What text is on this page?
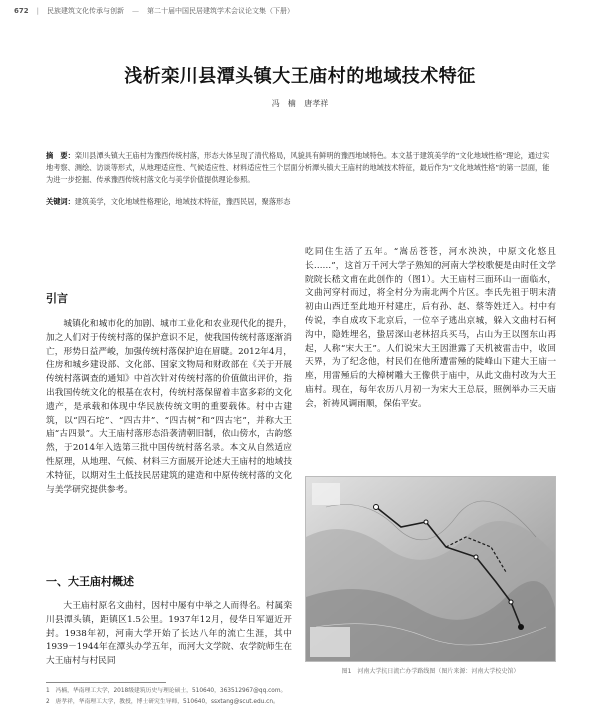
672 | 民族建筑文化传承与创新 — 第二十届中国民居建筑学术会议论文集（下册）
浅析栾川县潭头镇大王庙村的地域技术特征
冯　楠 唐孝祥
摘　要：栾川县潭头镇大王庙村为豫西传统村落，形态大体呈现了清代格局，风貌具有鲜明的豫西地域特色。本文基于建筑美学的“文化地域性格”理论，通过实地考察、测绘、访谈等形式，从地理适应性、气候适应性、材料适应性三个层面分析潭头镇大王庙村的地域技术特征，最后作为“文化地域性格”的第一层面，能为进一步挖掘、传承豫西传统村落文化与美学价值提供理论参照。
关键词：建筑美学，文化地域性格理论，地域技术特征，豫西民居，聚落形态
引言

城镇化和城市化的加剧、城市工业化和农业现代化的提升，加之人们对于传统村落的保护意识不足，使我国传统村落逐渐消亡，形势日益严峻，加强传统村落保护迫在眉睫。2012年4月，住房和城乡建设部、文化部、国家文物局和财政部在《关于开展传统村落调查的通知》中首次针对传统村落的价值做出评价，指出我国传统文化的根基在农村，传统村落保留着丰富多彩的文化遗产，是承载和体现中华民族传统文明的重要载体。村中古建筑，以“四石坨”、“四古井”、“四古树”和“四古宅”，并称大王庙“古四景”。大王庙村落形态沿袭清朝旧制，依山傍水，古韵悠然，于2014年入选第三批中国传统村落名录。本文从自然适应性原理，从地理、气候、材料三方面展开论述大王庙村的地域技术特征，以期对生土低技民居建筑的建造和中原传统村落的文化与美学研究提供参考。

一、大王庙村概述

大王庙村原名文曲村，因村中屡有中举之人而得名。村属栾川县潭头镇，距镇区1.5公里。1937年12月，侵华日军逼近开封。1938年初，河南大学开始了长达八年的流亡生涯，其中1939－1944年在潭头办学五年，而河大文学院、农学院师生在大王庙村与村民同

吃同住生活了五年。“嵩岳苍苍，河水泱泱，中原文化悠且长……”，这首万千河大学子熟知的河南大学校歌便是由时任文学院院长嵇文甫在此创作的（图1）。大王庙村三面环山一面临水，文曲河穿村而过，将全村分为南北两个片区。李氏先祖于明末清初由山西迁至此地开村建庄，后有孙、赵、蔡等姓迁入。村中有传说，李自成攻下北京后，一位卒子逃出京城，躲入文曲村石柯沟中，隐姓埋名，蛰居深山老林招兵买马，占山为王以图东山再起，人称“宋大王”。人们说宋大王因泄露了天机被雷击中，收回天界，为了纪念他，村民们在他所遭雷殛的陡峰山下建大王庙一座，用雷殛后的大樟树雕大王像供于庙中，从此文曲村改为大王庙村。现在，每年农历八月初一为宋大王总辰，照例举办三天庙会，祈祷风调雨顺，保佑平安。

图1　河南大学抗日流亡办学路线图（图片来源：河南大学校史馆）
1　冯楠，华南理工大学，2018级建筑历史与理论硕士，510640，363512967@qq.com。
2　唐孝祥，华南理工大学，教授，博士研究生导师，510640，ssxtang@scut.edu.cn。
